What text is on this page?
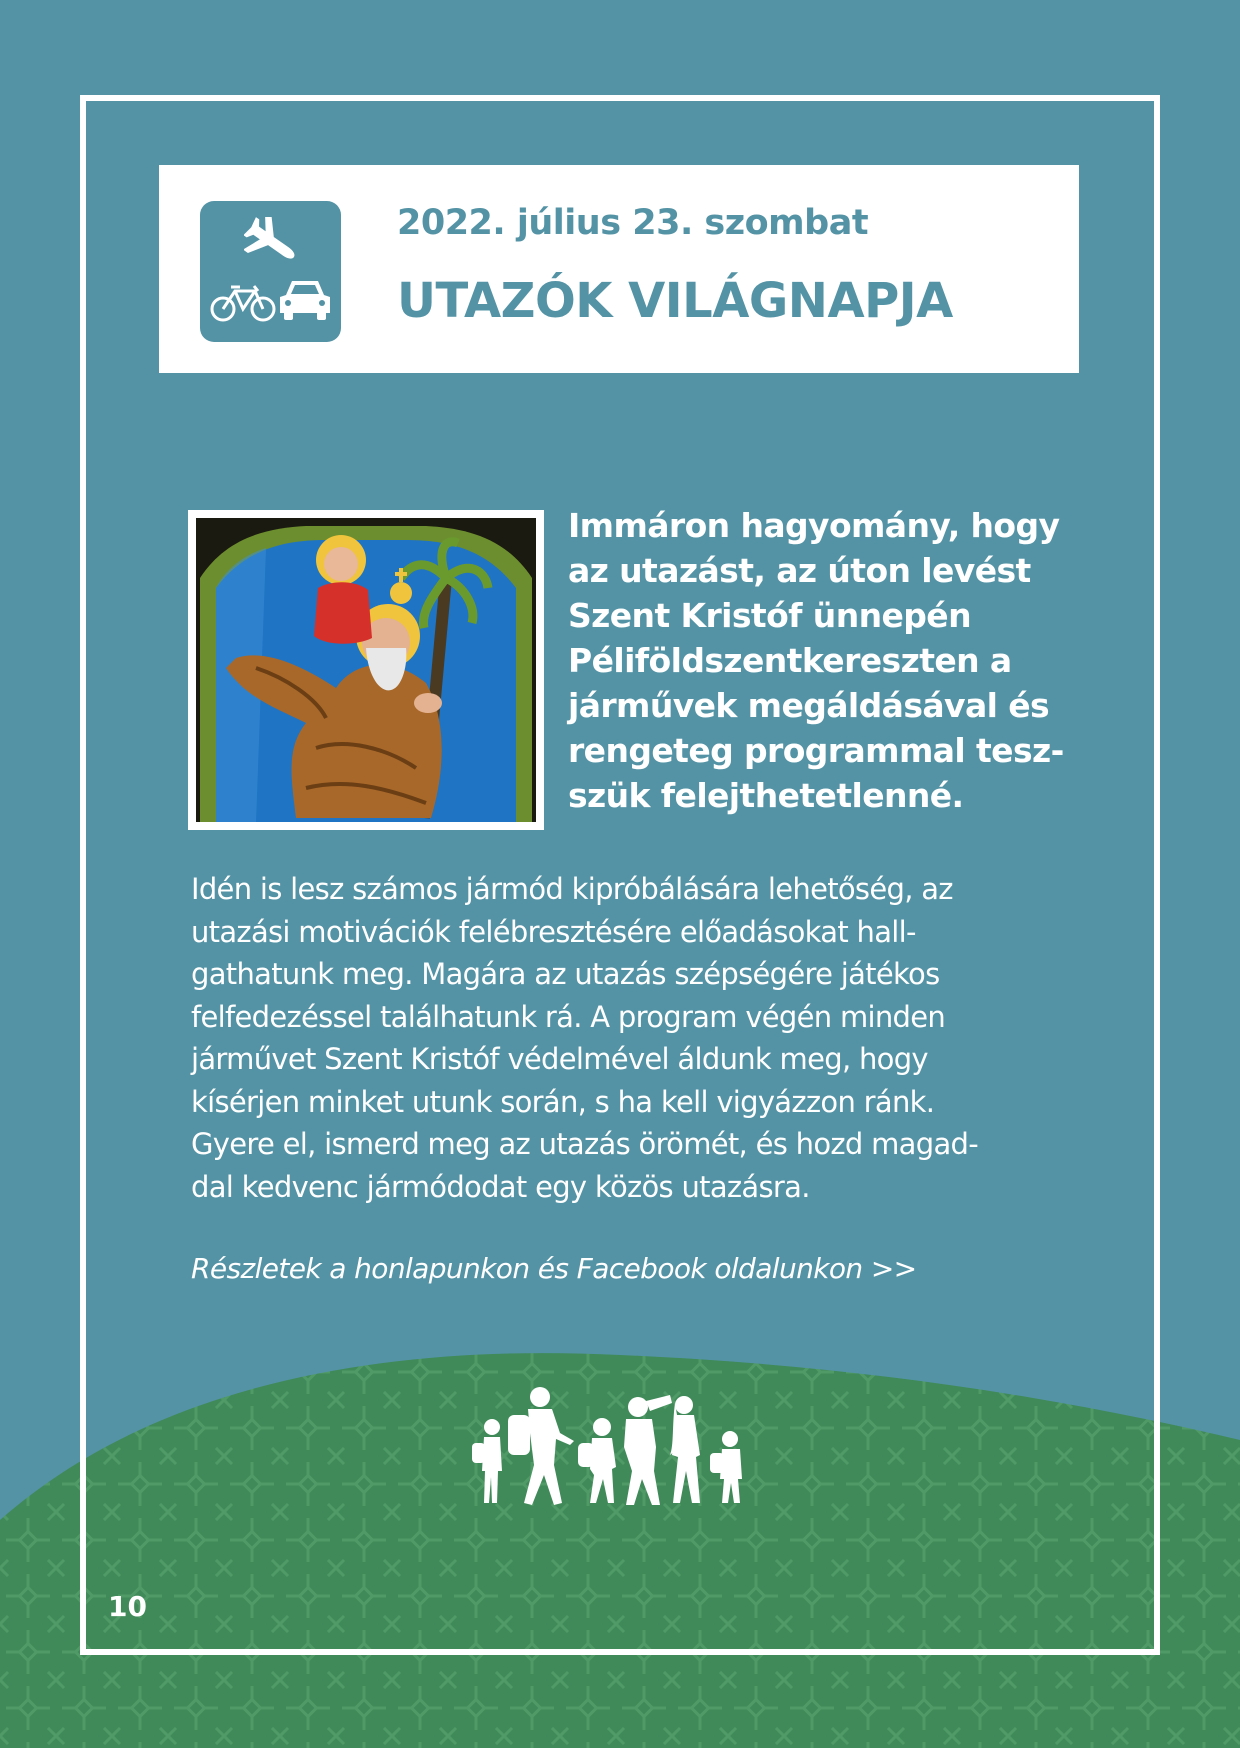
2022. július 23. szombat
UTAZÓK VILÁGNAPJA
Immáron hagyomány, hogy
az utazást, az úton levést
Szent Kristóf ünnepén
Péliföldszentkereszten a
járművek megáldásával és
rengeteg programmal tesz-
szük felejthetetlenné.
Idén is lesz számos jármód kipróbálására lehetőség, az
utazási motivációk felébresztésére előadásokat hall-
gathatunk meg. Magára az utazás szépségére játékos
felfedezéssel találhatunk rá. A program végén minden
járművet Szent Kristóf védelmével áldunk meg, hogy
kísérjen minket utunk során, s ha kell vigyázzon ránk.
Gyere el, ismerd meg az utazás örömét, és hozd magad-
dal kedvenc jármódodat egy közös utazásra.
Részletek a honlapunkon és Facebook oldalunkon >>
10
